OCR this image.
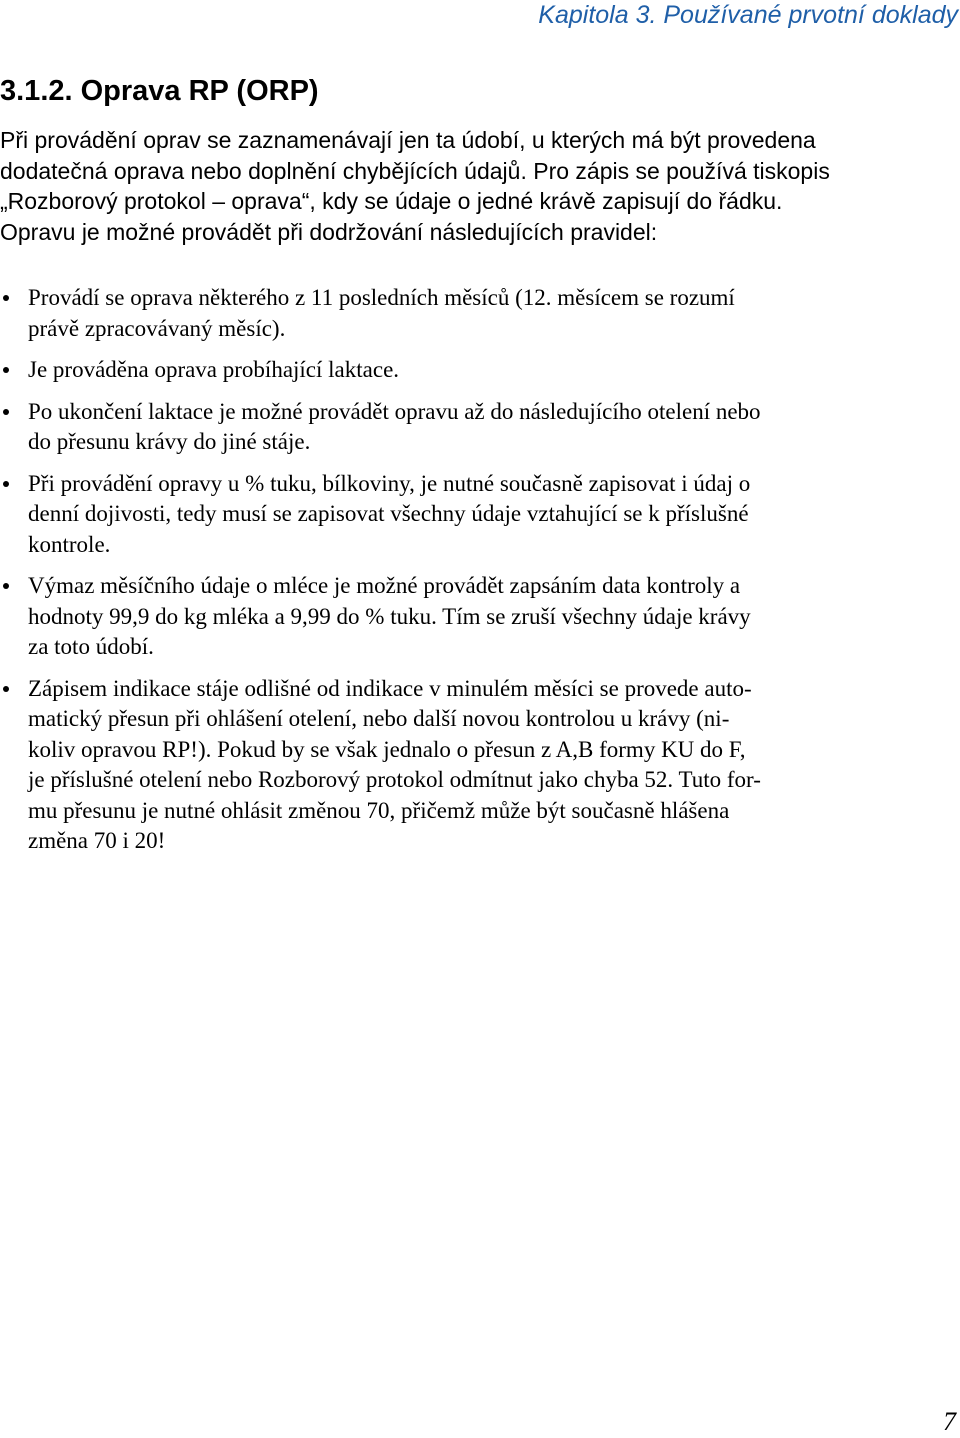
Kapitola 3. Používané prvotní doklady
3.1.2. Oprava RP (ORP)
Při provádění oprav se zaznamenávají jen ta údobí, u kterých má být provedena
dodatečná oprava nebo doplnění chybějících údajů. Pro zápis se používá tiskopis
„Rozborový protokol – oprava“, kdy se údaje o jedné krávě zapisují do řádku.
Opravu je možné provádět při dodržování následujících pravidel:
Provádí se oprava některého z 11 posledních měsíců (12. měsícem se rozumí
právě zpracovávaný měsíc).
Je prováděna oprava probíhající laktace.
Po ukončení laktace je možné provádět opravu až do následujícího otelení nebo
do přesunu krávy do jiné stáje.
Při provádění opravy u % tuku, bílkoviny, je nutné současně zapisovat i údaj o
denní dojivosti, tedy musí se zapisovat všechny údaje vztahující se k příslušné
kontrole.
Výmaz měsíčního údaje o mléce je možné provádět zapsáním data kontroly a
hodnoty 99,9 do kg mléka a 9,99 do % tuku. Tím se zruší všechny údaje krávy
za toto údobí.
Zápisem indikace stáje odlišné od indikace v minulém měsíci se provede auto-
matický přesun při ohlášení otelení, nebo další novou kontrolou u krávy (ni-
koliv opravou RP!). Pokud by se však jednalo o přesun z A,B formy KU do F,
je příslušné otelení nebo Rozborový protokol odmítnut jako chyba 52. Tuto for-
mu přesunu je nutné ohlásit změnou 70, přičemž může být současně hlášena
změna 70 i 20!
7
